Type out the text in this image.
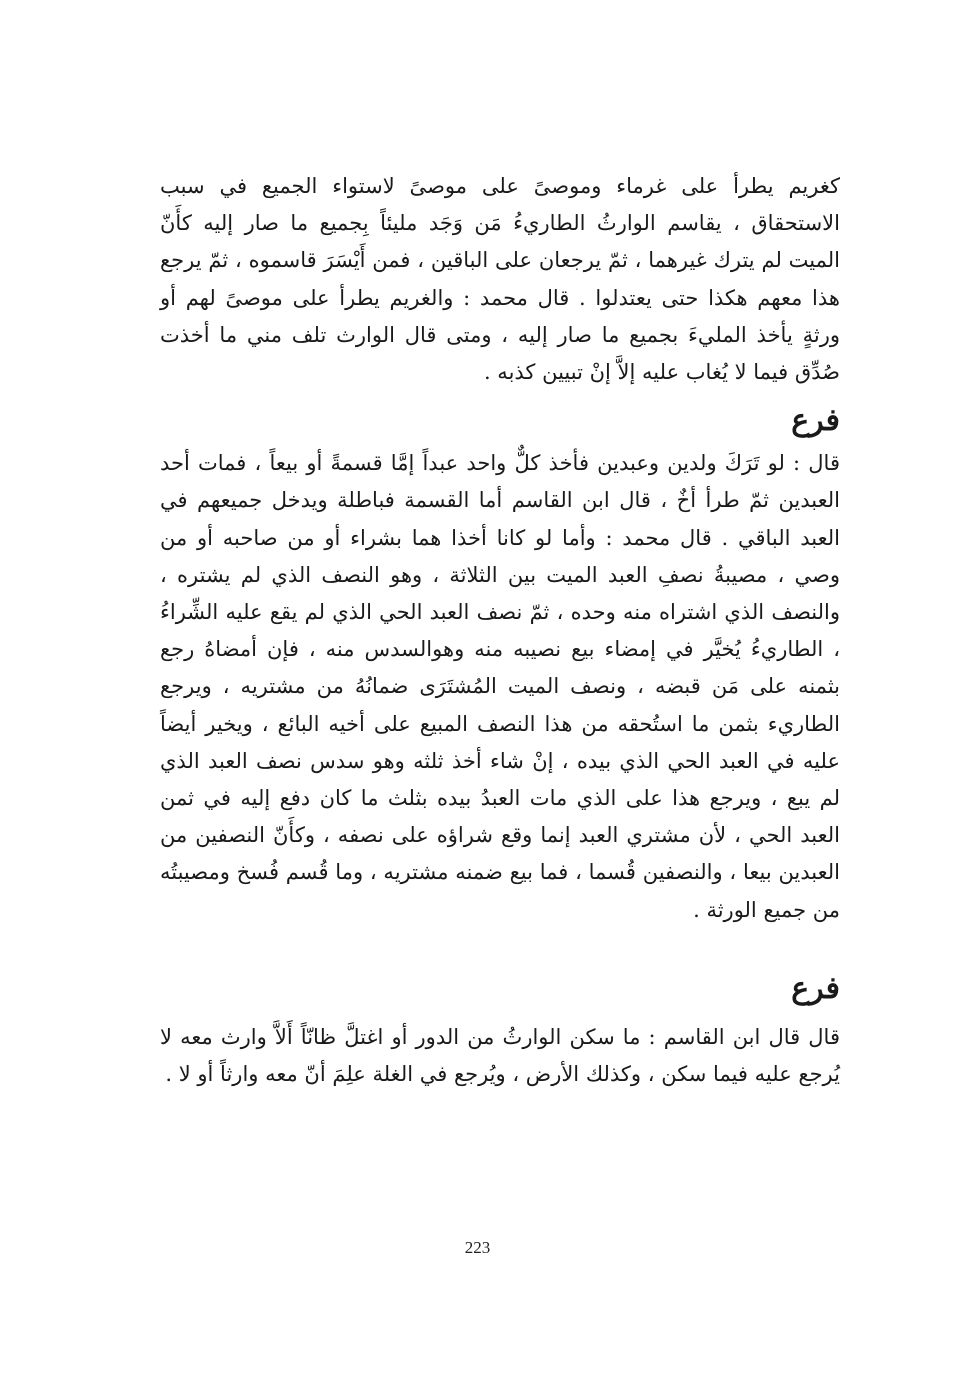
كغريم يطرأ على غرماء وموصىً على موصىً لاستواء الجميع في سبب الاستحقاق ، يقاسم الوارثُ الطاريءُ مَن وَجَد مليئاً بِجميع ما صار إليه كأَنّ الميت لم يترك غيرهما ، ثمّ يرجعان على الباقين ، فمن أَيْسَرَ قاسموه ، ثمّ يرجع هذا معهم هكذا حتى يعتدلوا . قال محمد : والغريم يطرأ على موصىً لهم أو ورثةٍ يأخذ المليءَ بجميع ما صار إليه ، ومتى قال الوارث تلف مني ما أخذت صُدِّق فيما لا يُغاب عليه إلاَّ إنْ تبيين كذبه .

فرع

قال : لو تَرَكَ ولدين وعبدين فأخذ كلٌّ واحد عبداً إمَّا قسمةً أو بيعاً ، فمات أحد العبدين ثمّ طرأ أخٌ ، قال ابن القاسم أما القسمة فباطلة ويدخل جميعهم في العبد الباقي . قال محمد : وأما لو كانا أخذا هما بشراء أو من صاحبه أو من وصي ، مصيبةُ نصفِ العبد الميت بين الثلاثة ، وهو النصف الذي لم يشتره ، والنصف الذي اشتراه منه وحده ، ثمّ نصف العبد الحي الذي لم يقع عليه الشِّراءُ ، الطاريءُ يُخيَّر في إمضاء بيع نصيبه منه وهوالسدس منه ، فإن أمضاهُ رجع بثمنه على مَن قبضه ، ونصف الميت المُشتَرَى ضمانُهُ من مشتريه ، ويرجع الطاريء بثمن ما استُحقه من هذا النصف المبيع على أخيه البائع ، ويخير أيضاً عليه في العبد الحي الذي بيده ، إنْ شاء أخذ ثلثه وهو سدس نصف العبد الذي لم يبع ، ويرجع هذا على الذي مات العبدُ بيده بثلث ما كان دفع إليه في ثمن العبد الحي ، لأن مشتري العبد إنما وقع شراؤه على نصفه ، وكأَنّ النصفين من العبدين بيعا ، والنصفين قُسما ، فما بيع ضمنه مشتريه ، وما قُسم فُسخ ومصيبتُه من جميع الورثة .

فرع

قال قال ابن القاسم : ما سكن الوارثُ من الدور أو اغتلَّ ظانّاً أَلاَّ وارث معه لا يُرجع عليه فيما سكن ، وكذلك الأرض ، ويُرجع في الغلة علِمَ أنّ معه وارثاً أو لا .

223
